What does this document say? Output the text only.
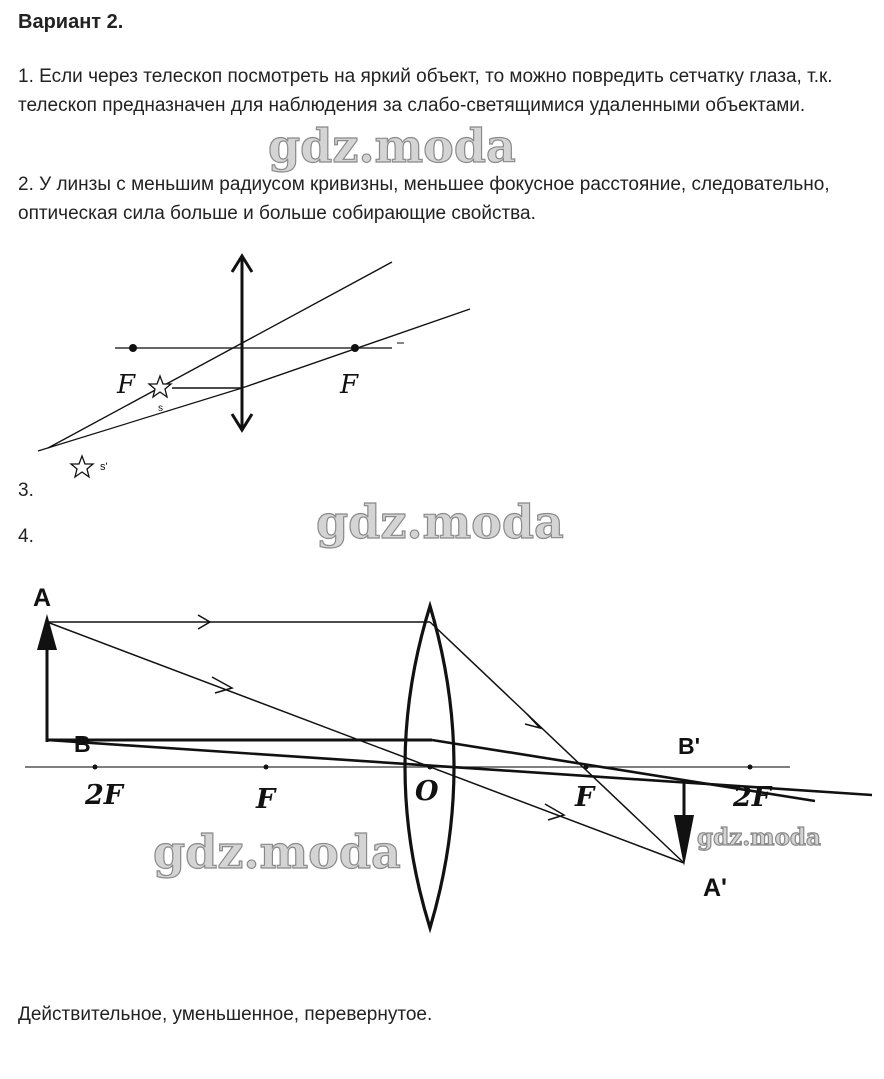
Вариант 2.

1. Если через телескоп посмотреть на яркий объект, то можно повредить сетчатку глаза, т.к. телескоп предназначен для наблюдения за слабо-светящимися удаленными объектами.

2. У линзы с меньшим радиусом кривизны, меньшее фокусное расстояние, следовательно, оптическая сила больше и больше собирающие свойства.

3.
4.
Действительное, уменьшенное, перевернутое.
F	F
s
s'
A
B	B'
A'
2F	F	O	F	2F
gdz.moda
gdz.moda
gdz.moda	gdz.moda
